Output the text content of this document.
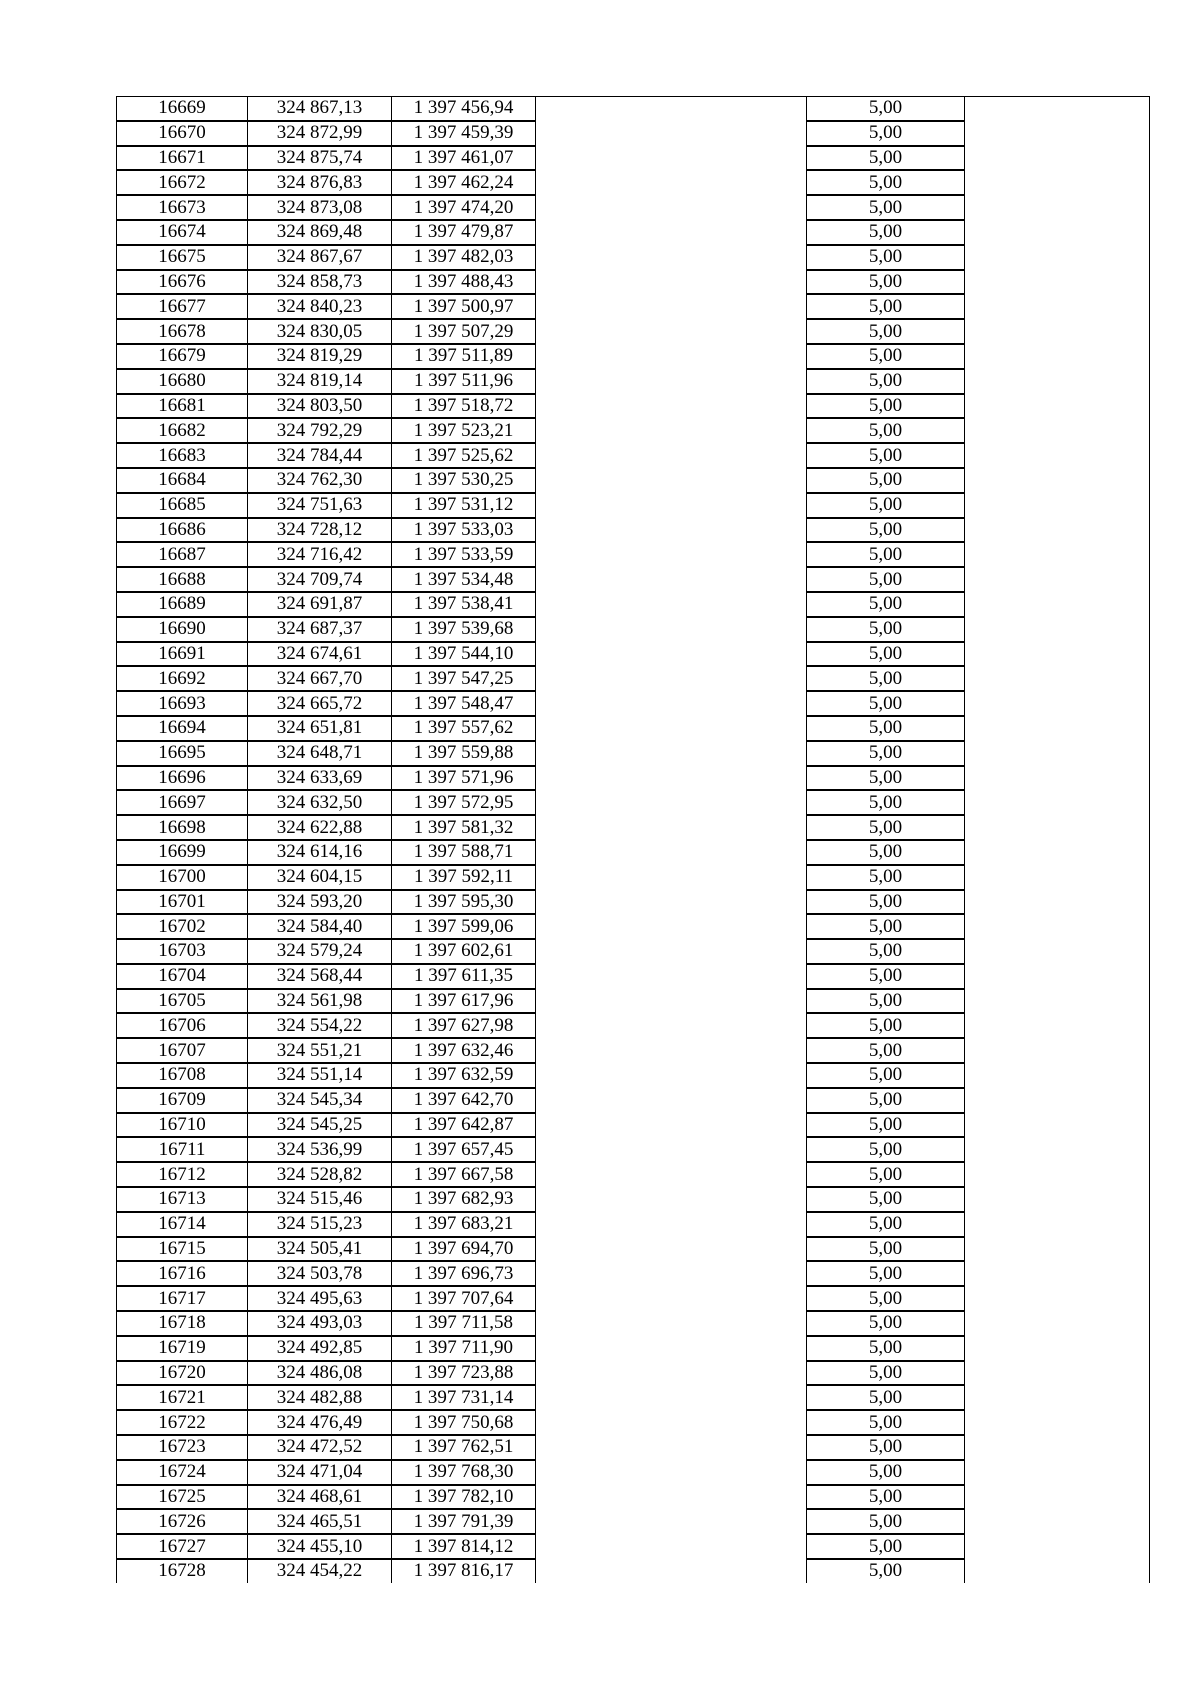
16669	324 867,13	1 397 456,94		5,00	
16670	324 872,99	1 397 459,39		5,00	
16671	324 875,74	1 397 461,07		5,00	
16672	324 876,83	1 397 462,24		5,00	
16673	324 873,08	1 397 474,20		5,00	
16674	324 869,48	1 397 479,87		5,00	
16675	324 867,67	1 397 482,03		5,00	
16676	324 858,73	1 397 488,43		5,00	
16677	324 840,23	1 397 500,97		5,00	
16678	324 830,05	1 397 507,29		5,00	
16679	324 819,29	1 397 511,89		5,00	
16680	324 819,14	1 397 511,96		5,00	
16681	324 803,50	1 397 518,72		5,00	
16682	324 792,29	1 397 523,21		5,00	
16683	324 784,44	1 397 525,62		5,00	
16684	324 762,30	1 397 530,25		5,00	
16685	324 751,63	1 397 531,12		5,00	
16686	324 728,12	1 397 533,03		5,00	
16687	324 716,42	1 397 533,59		5,00	
16688	324 709,74	1 397 534,48		5,00	
16689	324 691,87	1 397 538,41		5,00	
16690	324 687,37	1 397 539,68		5,00	
16691	324 674,61	1 397 544,10		5,00	
16692	324 667,70	1 397 547,25		5,00	
16693	324 665,72	1 397 548,47		5,00	
16694	324 651,81	1 397 557,62		5,00	
16695	324 648,71	1 397 559,88		5,00	
16696	324 633,69	1 397 571,96		5,00	
16697	324 632,50	1 397 572,95		5,00	
16698	324 622,88	1 397 581,32		5,00	
16699	324 614,16	1 397 588,71		5,00	
16700	324 604,15	1 397 592,11		5,00	
16701	324 593,20	1 397 595,30		5,00	
16702	324 584,40	1 397 599,06		5,00	
16703	324 579,24	1 397 602,61		5,00	
16704	324 568,44	1 397 611,35		5,00	
16705	324 561,98	1 397 617,96		5,00	
16706	324 554,22	1 397 627,98		5,00	
16707	324 551,21	1 397 632,46		5,00	
16708	324 551,14	1 397 632,59		5,00	
16709	324 545,34	1 397 642,70		5,00	
16710	324 545,25	1 397 642,87		5,00	
16711	324 536,99	1 397 657,45		5,00	
16712	324 528,82	1 397 667,58		5,00	
16713	324 515,46	1 397 682,93		5,00	
16714	324 515,23	1 397 683,21		5,00	
16715	324 505,41	1 397 694,70		5,00	
16716	324 503,78	1 397 696,73		5,00	
16717	324 495,63	1 397 707,64		5,00	
16718	324 493,03	1 397 711,58		5,00	
16719	324 492,85	1 397 711,90		5,00	
16720	324 486,08	1 397 723,88		5,00	
16721	324 482,88	1 397 731,14		5,00	
16722	324 476,49	1 397 750,68		5,00	
16723	324 472,52	1 397 762,51		5,00	
16724	324 471,04	1 397 768,30		5,00	
16725	324 468,61	1 397 782,10		5,00	
16726	324 465,51	1 397 791,39		5,00	
16727	324 455,10	1 397 814,12		5,00	
16728	324 454,22	1 397 816,17		5,00	
